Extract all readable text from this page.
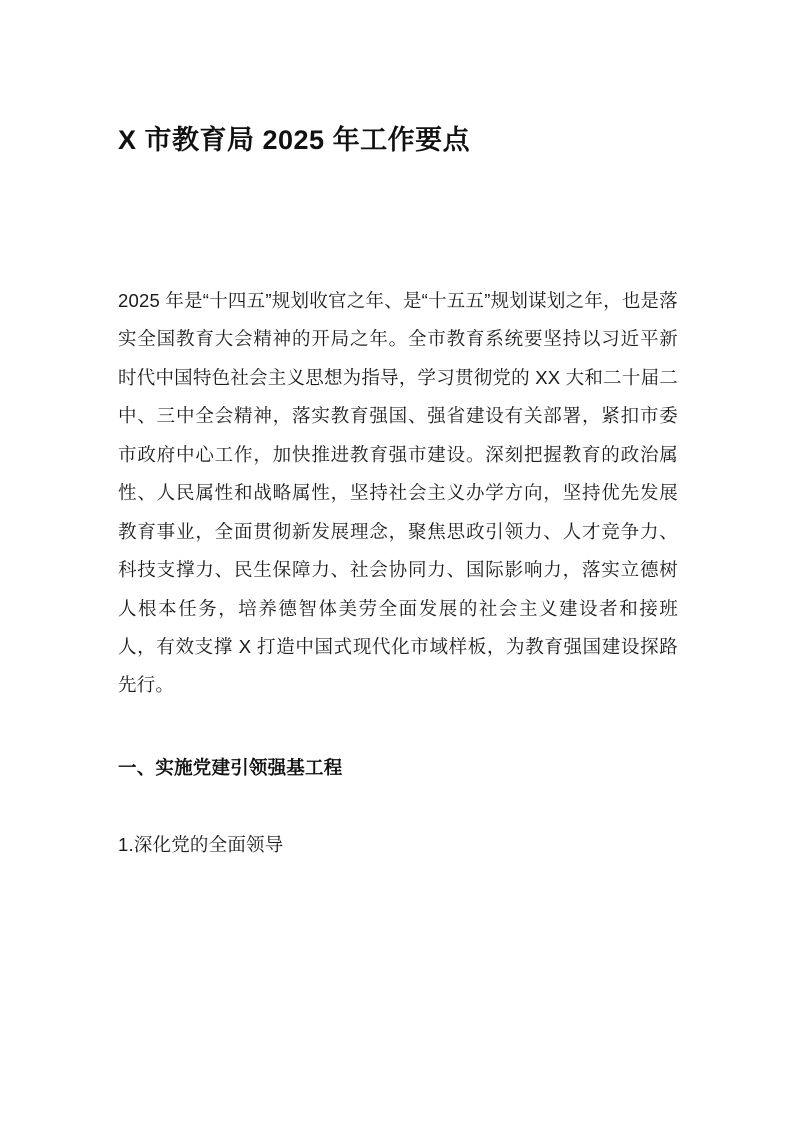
X 市教育局 2025 年工作要点

2025 年是“十四五”规划收官之年、是“十五五”规划谋划之年，也是落实全国教育大会精神的开局之年。全市教育系统要坚持以习近平新时代中国特色社会主义思想为指导，学习贯彻党的 XX 大和二十届二中、三中全会精神，落实教育强国、强省建设有关部署，紧扣市委市政府中心工作，加快推进教育强市建设。深刻把握教育的政治属性、人民属性和战略属性，坚持社会主义办学方向，坚持优先发展教育事业，全面贯彻新发展理念，聚焦思政引领力、人才竞争力、科技支撑力、民生保障力、社会协同力、国际影响力，落实立德树人根本任务，培养德智体美劳全面发展的社会主义建设者和接班人，有效支撑 X 打造中国式现代化市域样板，为教育强国建设探路先行。

一、实施党建引领强基工程

1.深化党的全面领导
